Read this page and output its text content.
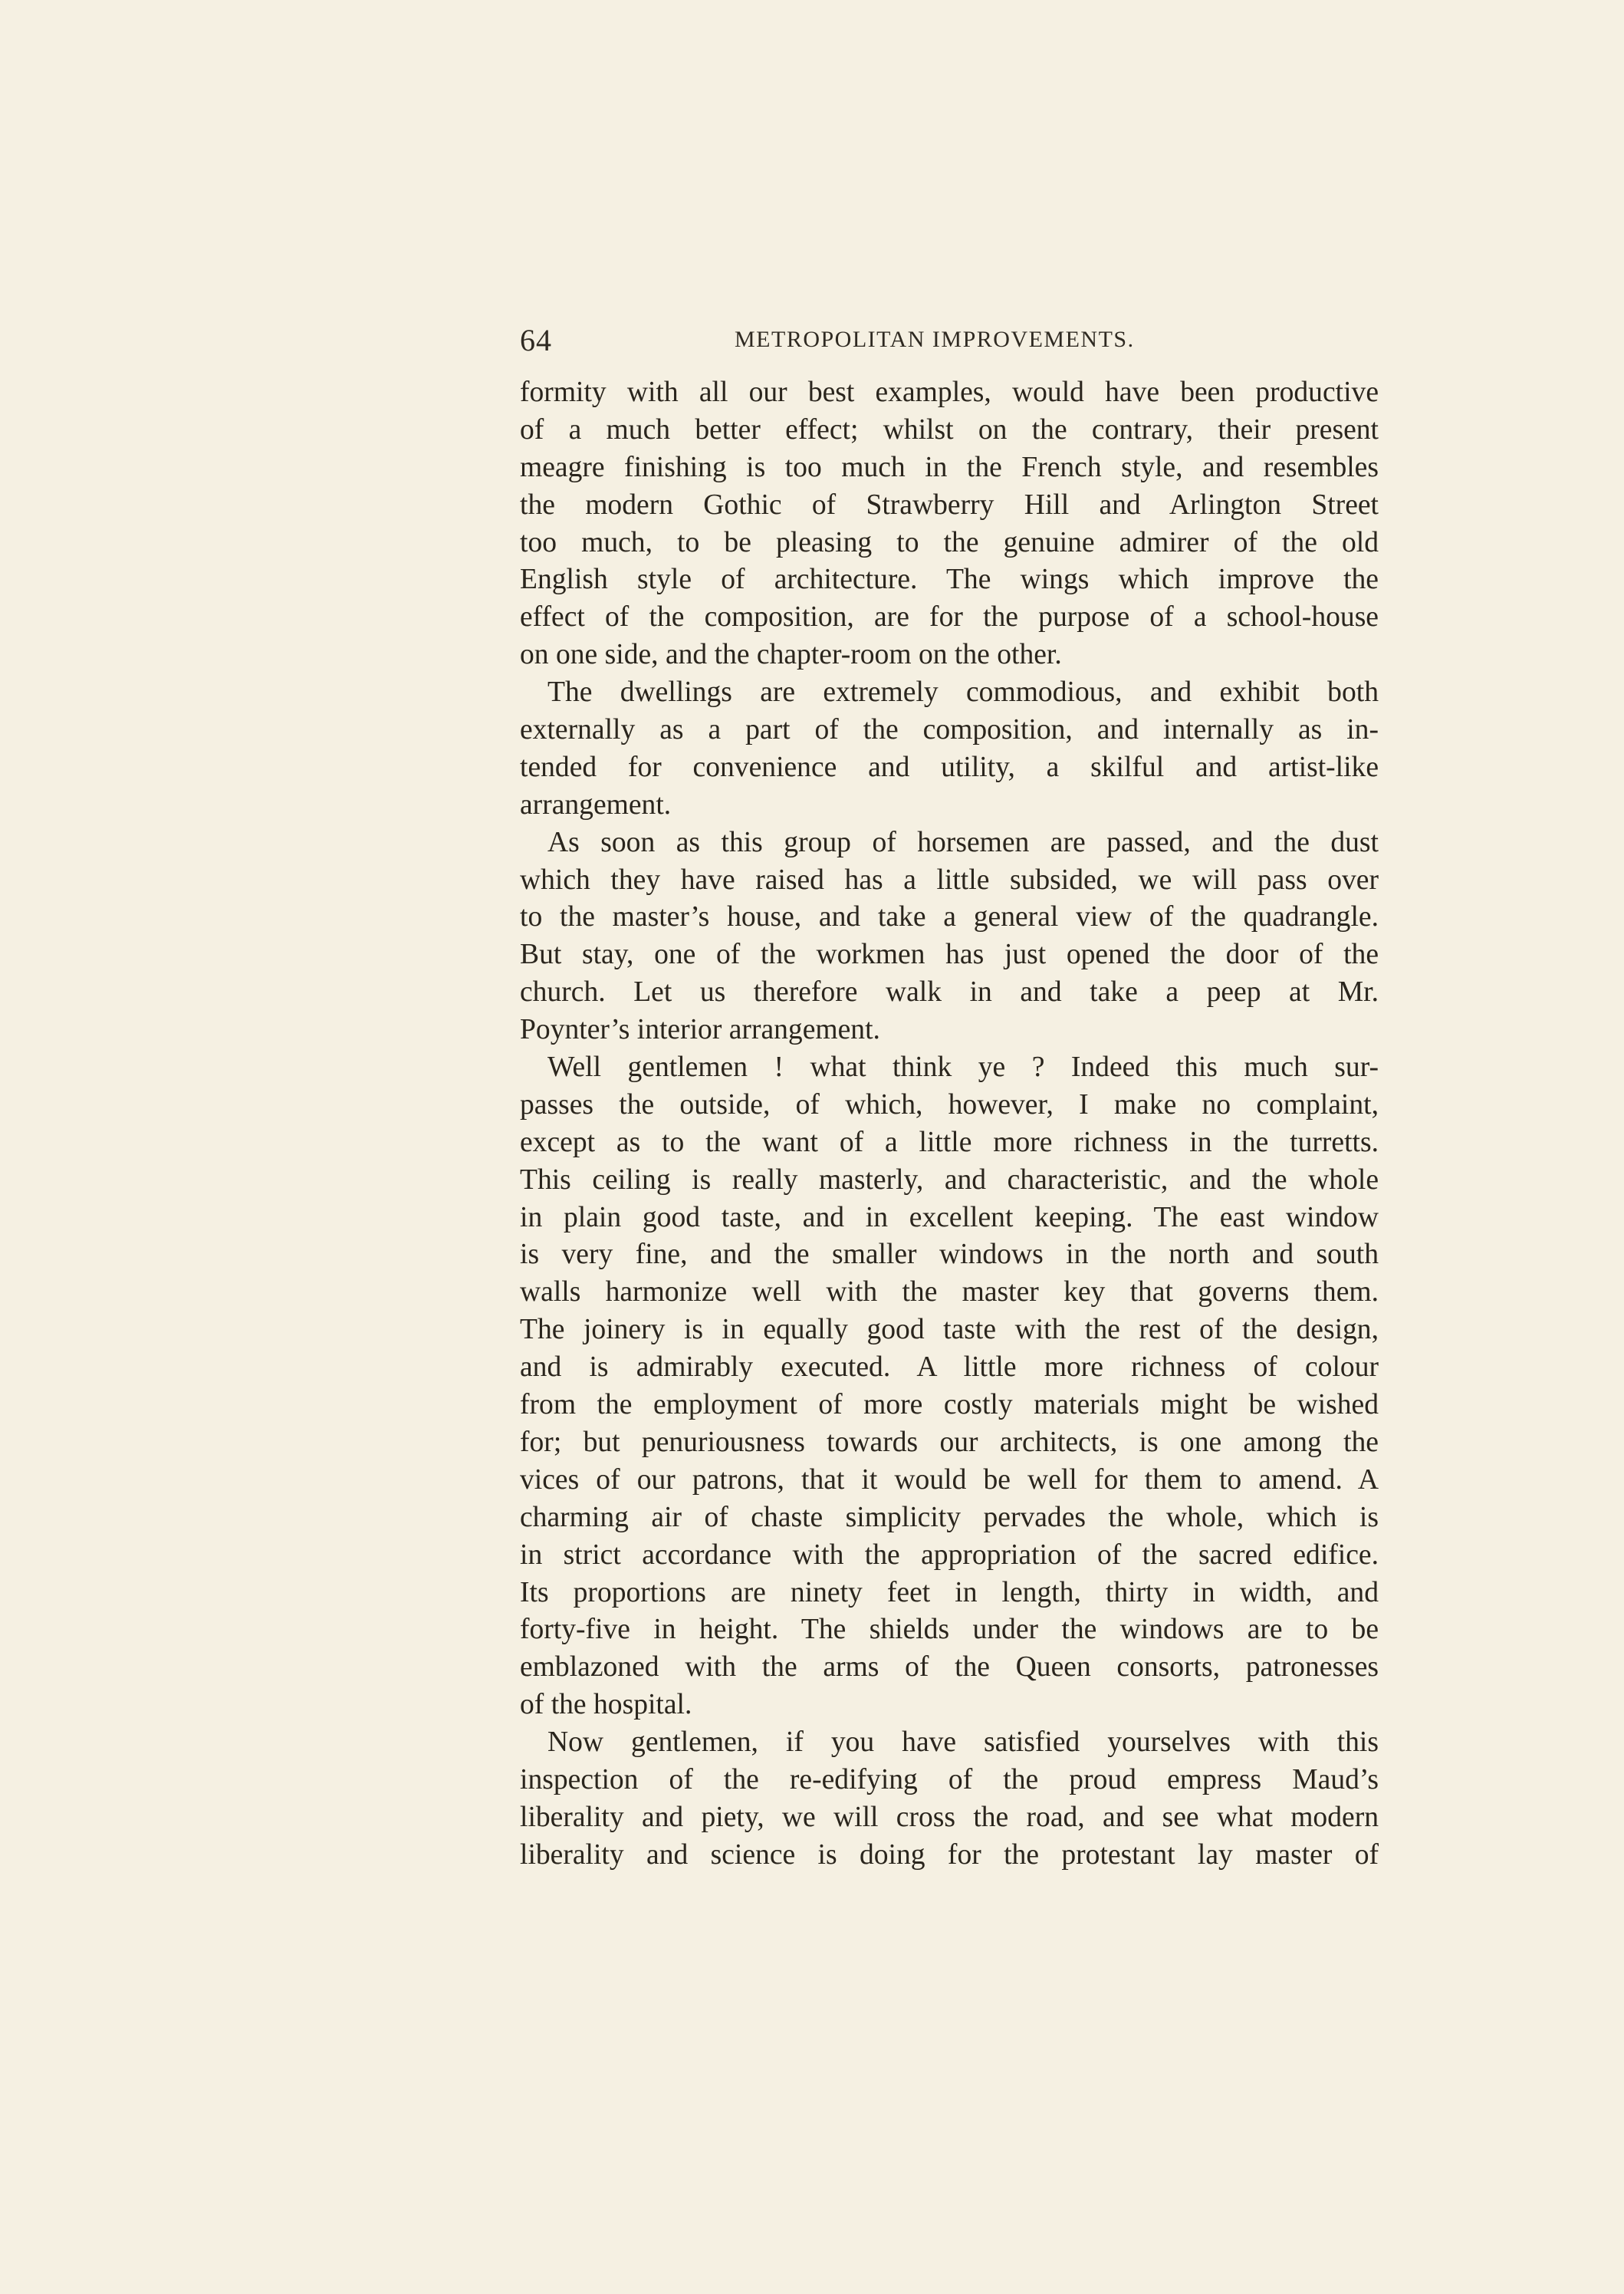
64	METROPOLITAN IMPROVEMENTS.
formity with all our best examples, would have been productive
of a much better effect; whilst on the contrary, their present
meagre finishing is too much in the French style, and resembles
the modern Gothic of Strawberry Hill and Arlington Street
too much, to be pleasing to the genuine admirer of the old
English style of architecture. The wings which improve the
effect of the composition, are for the purpose of a school-house
on one side, and the chapter-room on the other.
The dwellings are extremely commodious, and exhibit both
externally as a part of the composition, and internally as in-
tended for convenience and utility, a skilful and artist-like
arrangement.
As soon as this group of horsemen are passed, and the dust
which they have raised has a little subsided, we will pass over
to the master’s house, and take a general view of the quadrangle.
But stay, one of the workmen has just opened the door of the
church. Let us therefore walk in and take a peep at Mr.
Poynter’s interior arrangement.
Well gentlemen ! what think ye ? Indeed this much sur-
passes the outside, of which, however, I make no complaint,
except as to the want of a little more richness in the turretts.
This ceiling is really masterly, and characteristic, and the whole
in plain good taste, and in excellent keeping. The east window
is very fine, and the smaller windows in the north and south
walls harmonize well with the master key that governs them.
The joinery is in equally good taste with the rest of the design,
and is admirably executed. A little more richness of colour
from the employment of more costly materials might be wished
for; but penuriousness towards our architects, is one among the
vices of our patrons, that it would be well for them to amend. A
charming air of chaste simplicity pervades the whole, which is
in strict accordance with the appropriation of the sacred edifice.
Its proportions are ninety feet in length, thirty in width, and
forty-five in height. The shields under the windows are to be
emblazoned with the arms of the Queen consorts, patronesses
of the hospital.
Now gentlemen, if you have satisfied yourselves with this
inspection of the re-edifying of the proud empress Maud’s
liberality and piety, we will cross the road, and see what modern
liberality and science is doing for the protestant lay master of
